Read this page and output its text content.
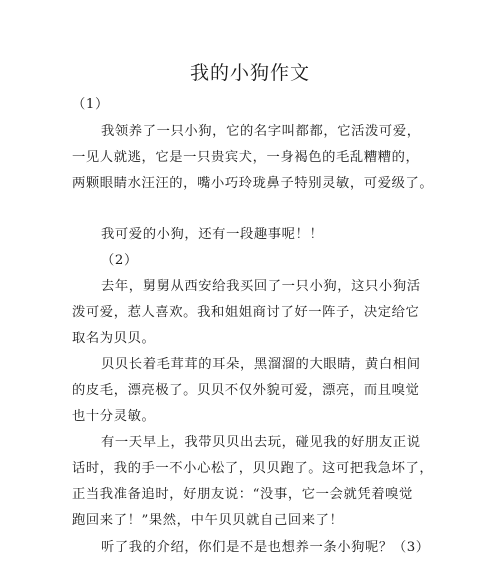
我的小狗作文
（1）
我领养了一只小狗，它的名字叫都都，它活泼可爱，
一见人就逃，它是一只贵宾犬，一身褐色的毛乱糟糟的，
两颗眼睛水汪汪的，嘴小巧玲珑鼻子特别灵敏，可爱级了。
我可爱的小狗，还有一段趣事呢！！
（2）
去年，舅舅从西安给我买回了一只小狗，这只小狗活
泼可爱，惹人喜欢。我和姐姐商讨了好一阵子，决定给它
取名为贝贝。
贝贝长着毛茸茸的耳朵，黑溜溜的大眼睛，黄白相间
的皮毛，漂亮极了。贝贝不仅外貌可爱，漂亮，而且嗅觉
也十分灵敏。
有一天早上，我带贝贝出去玩，碰见我的好朋友正说
话时，我的手一不小心松了，贝贝跑了。这可把我急坏了，
正当我准备追时，好朋友说：“没事，它一会就凭着嗅觉
跑回来了！”果然，中午贝贝就自己回来了！
听了我的介绍，你们是不是也想养一条小狗呢？（3）
